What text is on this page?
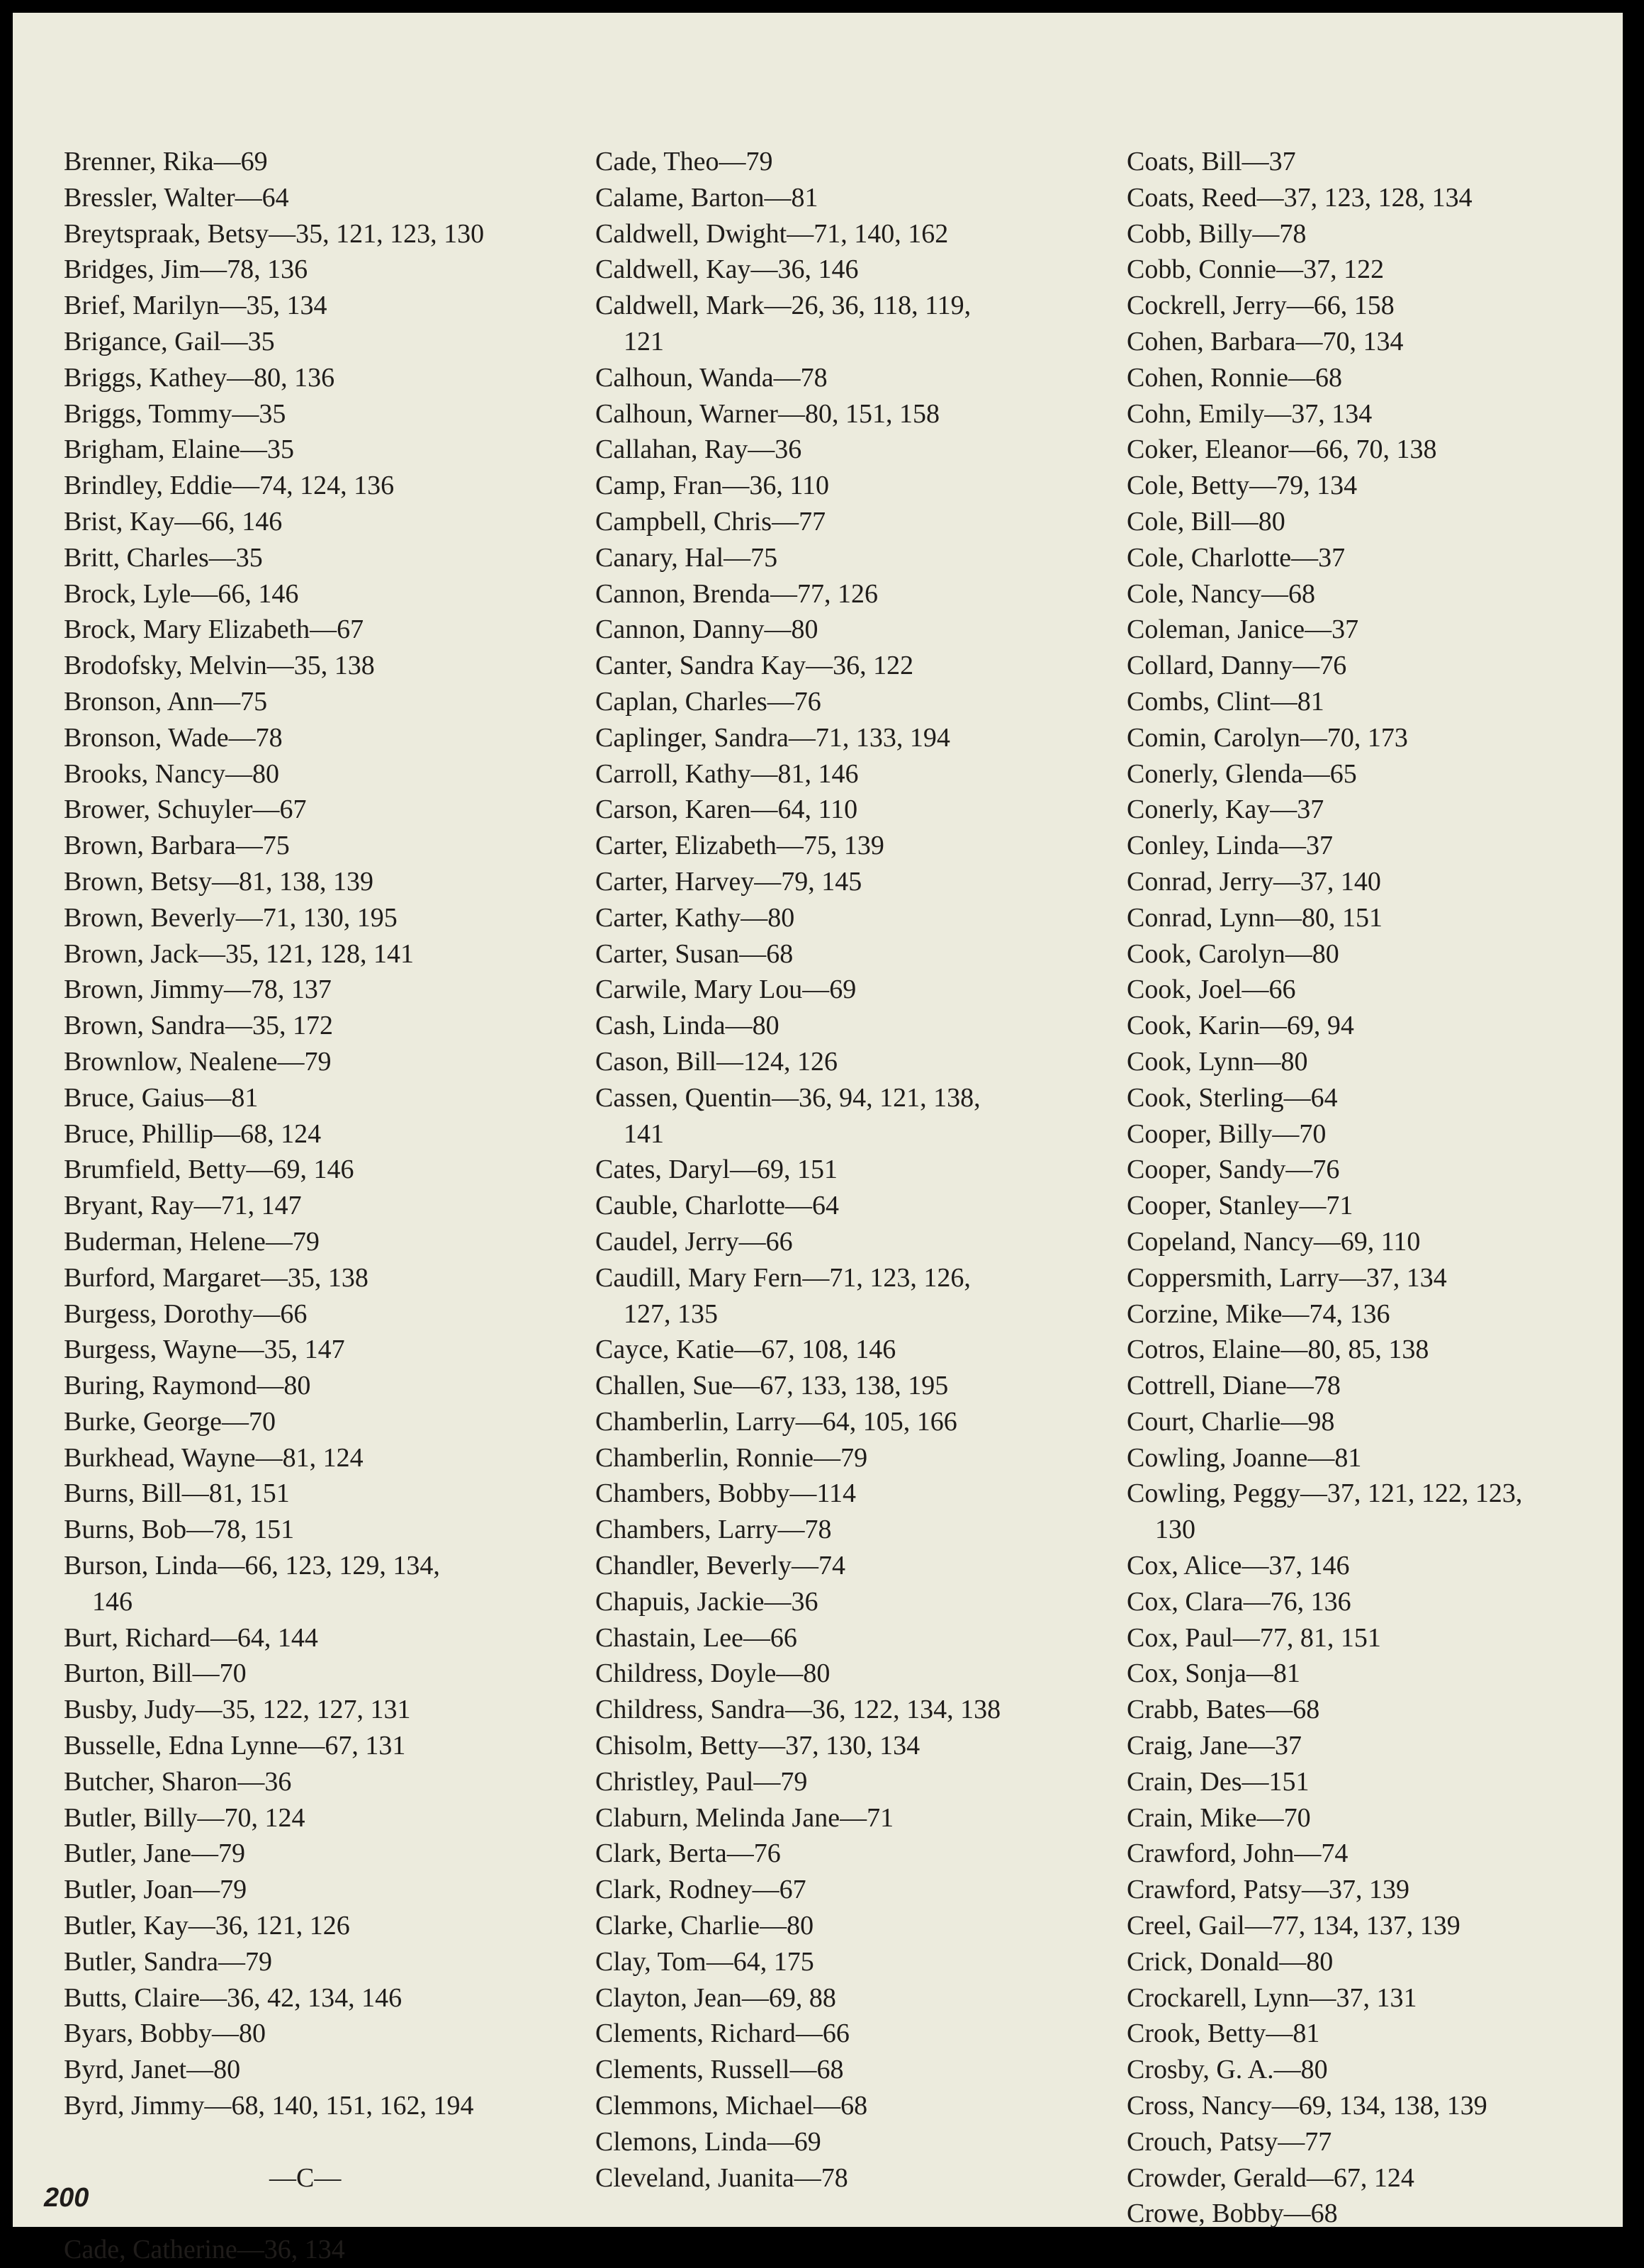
Brenner, Rika—69
Bressler, Walter—64
Breytspraak, Betsy—35, 121, 123, 130
Bridges, Jim—78, 136
Brief, Marilyn—35, 134
Brigance, Gail—35
Briggs, Kathey—80, 136
Briggs, Tommy—35
Brigham, Elaine—35
Brindley, Eddie—74, 124, 136
Brist, Kay—66, 146
Britt, Charles—35
Brock, Lyle—66, 146
Brock, Mary Elizabeth—67
Brodofsky, Melvin—35, 138
Bronson, Ann—75
Bronson, Wade—78
Brooks, Nancy—80
Brower, Schuyler—67
Brown, Barbara—75
Brown, Betsy—81, 138, 139
Brown, Beverly—71, 130, 195
Brown, Jack—35, 121, 128, 141
Brown, Jimmy—78, 137
Brown, Sandra—35, 172
Brownlow, Nealene—79
Bruce, Gaius—81
Bruce, Phillip—68, 124
Brumfield, Betty—69, 146
Bryant, Ray—71, 147
Buderman, Helene—79
Burford, Margaret—35, 138
Burgess, Dorothy—66
Burgess, Wayne—35, 147
Buring, Raymond—80
Burke, George—70
Burkhead, Wayne—81, 124
Burns, Bill—81, 151
Burns, Bob—78, 151
Burson, Linda—66, 123, 129, 134,
146
Burt, Richard—64, 144
Burton, Bill—70
Busby, Judy—35, 122, 127, 131
Busselle, Edna Lynne—67, 131
Butcher, Sharon—36
Butler, Billy—70, 124
Butler, Jane—79
Butler, Joan—79
Butler, Kay—36, 121, 126
Butler, Sandra—79
Butts, Claire—36, 42, 134, 146
Byars, Bobby—80
Byrd, Janet—80
Byrd, Jimmy—68, 140, 151, 162, 194
—C—
Cade, Catherine—36, 134
Cade, Theo—79
Calame, Barton—81
Caldwell, Dwight—71, 140, 162
Caldwell, Kay—36, 146
Caldwell, Mark—26, 36, 118, 119,
121
Calhoun, Wanda—78
Calhoun, Warner—80, 151, 158
Callahan, Ray—36
Camp, Fran—36, 110
Campbell, Chris—77
Canary, Hal—75
Cannon, Brenda—77, 126
Cannon, Danny—80
Canter, Sandra Kay—36, 122
Caplan, Charles—76
Caplinger, Sandra—71, 133, 194
Carroll, Kathy—81, 146
Carson, Karen—64, 110
Carter, Elizabeth—75, 139
Carter, Harvey—79, 145
Carter, Kathy—80
Carter, Susan—68
Carwile, Mary Lou—69
Cash, Linda—80
Cason, Bill—124, 126
Cassen, Quentin—36, 94, 121, 138,
141
Cates, Daryl—69, 151
Cauble, Charlotte—64
Caudel, Jerry—66
Caudill, Mary Fern—71, 123, 126,
127, 135
Cayce, Katie—67, 108, 146
Challen, Sue—67, 133, 138, 195
Chamberlin, Larry—64, 105, 166
Chamberlin, Ronnie—79
Chambers, Bobby—114
Chambers, Larry—78
Chandler, Beverly—74
Chapuis, Jackie—36
Chastain, Lee—66
Childress, Doyle—80
Childress, Sandra—36, 122, 134, 138
Chisolm, Betty—37, 130, 134
Christley, Paul—79
Claburn, Melinda Jane—71
Clark, Berta—76
Clark, Rodney—67
Clarke, Charlie—80
Clay, Tom—64, 175
Clayton, Jean—69, 88
Clements, Richard—66
Clements, Russell—68
Clemmons, Michael—68
Clemons, Linda—69
Cleveland, Juanita—78
Coats, Bill—37
Coats, Reed—37, 123, 128, 134
Cobb, Billy—78
Cobb, Connie—37, 122
Cockrell, Jerry—66, 158
Cohen, Barbara—70, 134
Cohen, Ronnie—68
Cohn, Emily—37, 134
Coker, Eleanor—66, 70, 138
Cole, Betty—79, 134
Cole, Bill—80
Cole, Charlotte—37
Cole, Nancy—68
Coleman, Janice—37
Collard, Danny—76
Combs, Clint—81
Comin, Carolyn—70, 173
Conerly, Glenda—65
Conerly, Kay—37
Conley, Linda—37
Conrad, Jerry—37, 140
Conrad, Lynn—80, 151
Cook, Carolyn—80
Cook, Joel—66
Cook, Karin—69, 94
Cook, Lynn—80
Cook, Sterling—64
Cooper, Billy—70
Cooper, Sandy—76
Cooper, Stanley—71
Copeland, Nancy—69, 110
Coppersmith, Larry—37, 134
Corzine, Mike—74, 136
Cotros, Elaine—80, 85, 138
Cottrell, Diane—78
Court, Charlie—98
Cowling, Joanne—81
Cowling, Peggy—37, 121, 122, 123,
130
Cox, Alice—37, 146
Cox, Clara—76, 136
Cox, Paul—77, 81, 151
Cox, Sonja—81
Crabb, Bates—68
Craig, Jane—37
Crain, Des—151
Crain, Mike—70
Crawford, John—74
Crawford, Patsy—37, 139
Creel, Gail—77, 134, 137, 139
Crick, Donald—80
Crockarell, Lynn—37, 131
Crook, Betty—81
Crosby, G. A.—80
Cross, Nancy—69, 134, 138, 139
Crouch, Patsy—77
Crowder, Gerald—67, 124
Crowe, Bobby—68
200
